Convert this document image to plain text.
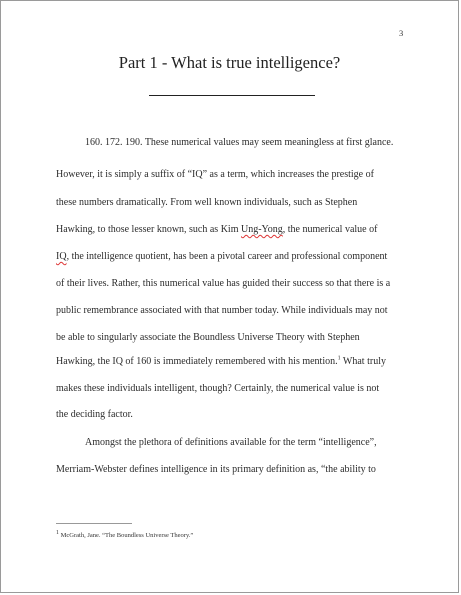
3
Part 1 - What is true intelligence?
160. 172. 190. These numerical values may seem meaningless at first glance.
However, it is simply a suffix of “IQ” as a term, which increases the prestige of
these numbers dramatically. From well known individuals, such as Stephen
Hawking, to those lesser known, such as Kim Ung-Yong, the numerical value of
IQ, the intelligence quotient, has been a pivotal career and professional component
of their lives. Rather, this numerical value has guided their success so that there is a
public remembrance associated with that number today. While individuals may not
be able to singularly associate the Boundless Universe Theory with Stephen
Hawking, the IQ of 160 is immediately remembered with his mention.$^1$ What truly
makes these individuals intelligent, though? Certainly, the numerical value is not
the deciding factor.
Amongst the plethora of definitions available for the term “intelligence”,
Merriam-Webster defines intelligence in its primary definition as, “the ability to
1 McGrath, Jane. “The Boundless Universe Theory.”
